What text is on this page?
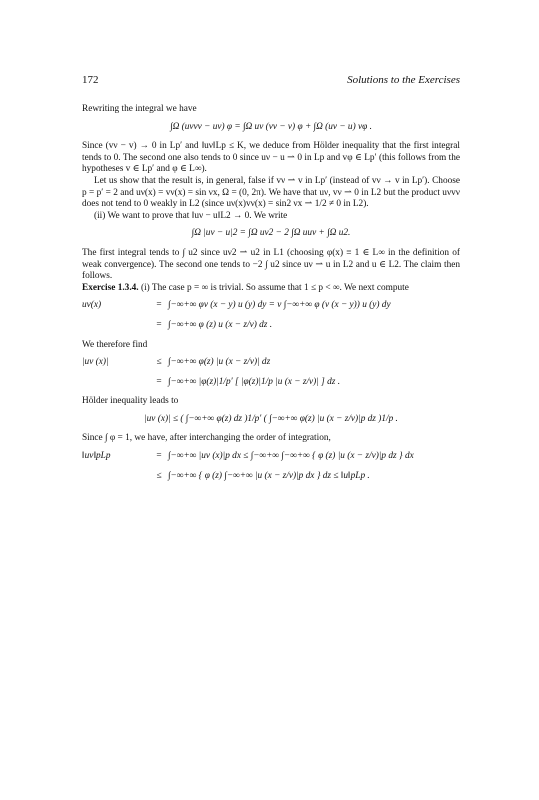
172	Solutions to the Exercises

Rewriting the integral we have

∫Ω (uνvν − uv) φ = ∫Ω uν (vν − v) φ + ∫Ω (uν − u) vφ .

Since (vν − v) → 0 in Lp′ and ‖uν‖Lp ≤ K, we deduce from Hölder inequality that the first integral tends to 0. The second one also tends to 0 since uν − u ⇀ 0 in Lp and vφ ∈ Lp′ (this follows from the hypotheses v ∈ Lp′ and φ ∈ L∞).

Let us show that the result is, in general, false if vν ⇀ v in Lp′ (instead of vν → v in Lp′). Choose p = p′ = 2 and uν(x) = vν(x) = sin νx, Ω = (0, 2π). We have that uν, vν ⇀ 0 in L2 but the product uνvν does not tend to 0 weakly in L2 (since uν(x)vν(x) = sin2 νx ⇀ 1/2 ≠ 0 in L2).

(ii) We want to prove that ‖uν − u‖L2 → 0. We write

∫Ω |uν − u|2 = ∫Ω uν2 − 2 ∫Ω uuν + ∫Ω u2.

The first integral tends to ∫ u2 since uν2 ⇀ u2 in L1 (choosing φ(x) ≡ 1 ∈ L∞ in the definition of weak convergence). The second one tends to −2 ∫ u2 since uν ⇀ u in L2 and u ∈ L2. The claim then follows.

Exercise 1.3.4. (i) The case p = ∞ is trivial. So assume that 1 ≤ p < ∞. We next compute

uν(x)	= ∫−∞+∞ φν (x − y) u (y) dy = ν ∫−∞+∞ φ (ν (x − y)) u (y) dy
= ∫−∞+∞ φ (z) u (x − z/ν) dz .

We therefore find

|uν (x)|	≤ ∫−∞+∞ φ(z) |u (x − z/ν)| dz
= ∫−∞+∞ |φ(z)|1/p′ [ |φ(z)|1/p |u (x − z/ν)| ] dz .

Hölder inequality leads to

|uν (x)| ≤ ( ∫−∞+∞ φ(z) dz )1/p′ ( ∫−∞+∞ φ(z) |u (x − z/ν)|p dz )1/p .

Since ∫ φ = 1, we have, after interchanging the order of integration,

‖uν‖pLp	= ∫−∞+∞ |uν (x)|p dx ≤ ∫−∞+∞ ∫−∞+∞ { φ (z) |u (x − z/ν)|p dz } dx
≤ ∫−∞+∞ { φ (z) ∫−∞+∞ |u (x − z/ν)|p dx } dz ≤ ‖u‖pLp .
